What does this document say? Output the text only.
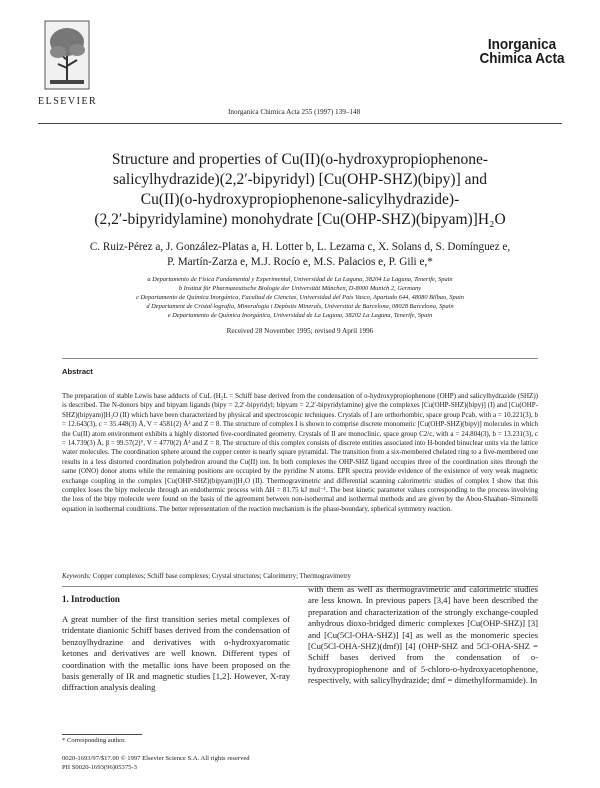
ELSEVIER
Inorganica Chimica Acta 255 (1997) 139–148
Inorganica
Chimica Acta
Structure and properties of Cu(II)(o-hydroxypropiophenone-
salicylhydrazide)(2,2′-bipyridyl) [Cu(OHP-SHZ)(bipy)] and
Cu(II)(o-hydroxypropiophenone-salicylhydrazide)-
(2,2′-bipyridylamine) monohydrate [Cu(OHP-SHZ)(bipyam)]H₂O
C. Ruiz-Pérez a, J. González-Platas a, H. Lotter b, L. Lezama c, X. Solans d, S. Domínguez e,
P. Martín-Zarza e, M.J. Rocío e, M.S. Palacios e, P. Gili e,*
a Departamento de Física Fundamental y Experimental, Universidad de La Laguna, 38204 La Laguna, Tenerife, Spain
b Institut für Pharmazeutische Biologie der Universität München, D-8000 Munich 2, Germany
c Departamento de Química Inorgánica, Facultad de Ciencias, Universidad del País Vasco, Apartado 644, 48080 Bilbao, Spain
d Departament de Cristal·lografia, Mineralogia i Depòsits Minerals, Universitat de Barcelona, 08028 Barcelona, Spain
e Departamento de Química Inorgánica, Universidad de La Laguna, 38202 La Laguna, Tenerife, Spain
Received 28 November 1995; revised 9 April 1996
Abstract
The preparation of stable Lewis base adducts of CuL (H₂L = Schiff base derived from the condensation of o-hydroxypropiophenone (OHP) and salicylhydrazide (SHZ)) is described. The N-donors bipy and bipyam ligands (bipy = 2,2′-bipyridyl; bipyam = 2,2′-bipyridylamine) give the complexes [Cu(OHP-SHZ)(bipy)] (I) and [Cu(OHP-SHZ)(bipyam)]H₂O (II) which have been characterized by physical and spectroscopic techniques. Crystals of I are orthorhombic, space group Pcab, with a = 10.221(3), b = 12.643(3), c = 35.448(3) Å, V = 4581(2) Å³ and Z = 8. The structure of complex I is shown to comprise discrete monomeric [Cu(OHP-SHZ)(bipy)] molecules in which the Cu(II) atom environment exhibits a highly distorted five-coordinated geometry. Crystals of II are monoclinic, space group C2/c, with a = 24.804(3), b = 13.231(3), c = 14.739(3) Å, β = 99.57(2)°, V = 4770(2) Å³ and Z = 8. The structure of this complex consists of discrete entities associated into H-bonded binuclear units via the lattice water molecules. The coordination sphere around the copper center is nearly square pyramidal. The transition from a six-membered chelated ring to a five-membered one results in a less distorted coordination polyhedron around the Cu(II) ion. In both complexes the OHP-SHZ ligand occupies three of the coordination sites through the same (ONO) donor atoms while the remaining positions are occupied by the pyridine N atoms. EPR spectra provide evidence of the existence of very weak magnetic exchange coupling in the complex [Cu(OHP-SHZ)(bipyam)]H₂O (II). Thermogravimetric and differential scanning calorimetric studies of complex I show that this complex loses the bipy molecule through an endothermic process with ΔH = 81.75 kJ mol⁻¹. The best kinetic parameter values corresponding to the process involving the loss of the bipy molecule were found on the basis of the agreement between non-isothermal and isothermal methods and are given by the Abou-Shaaban–Simonelli equation in isothermal conditions. The better representation of the reaction mechanism is the phase-boundary, spherical symmetry reaction.
Keywords: Copper complexes; Schiff base complexes; Crystal structures; Calorimetry; Thermogravimetry
1. Introduction
A great number of the first transition series metal complexes of tridentate dianionic Schiff bases derived from the condensation of benzoylhydrazine and derivatives with o-hydroxyaromatic ketones and derivatives are well known. Different types of coordination with the metallic ions have been proposed on the basis generally of IR and magnetic studies [1,2]. However, X-ray diffraction analysis dealing
with them as well as thermogravimetric and calorimetric studies are less known. In previous papers [3,4] have been described the preparation and characterization of the strongly exchange-coupled anhydrous dioxo-bridged dimeric complexes [Cu(OHP-SHZ)] [3] and [Cu(5Cl-OHA-SHZ)] [4] as well as the monomeric species [Cu(5Cl-OHA-SHZ)(dmf)] [4] (OHP-SHZ and 5Cl-OHA-SHZ = Schiff bases derived from the condensation of o-hydroxypropiophenone and of 5-chloro-o-hydroxyacetophenone, respectively, with salicylhydrazide; dmf = dimethylformamide). In
* Corresponding author.
0020-1693/97/$17.00 © 1997 Elsevier Science S.A. All rights reserved
PII S0020-1693(96)05375-3
